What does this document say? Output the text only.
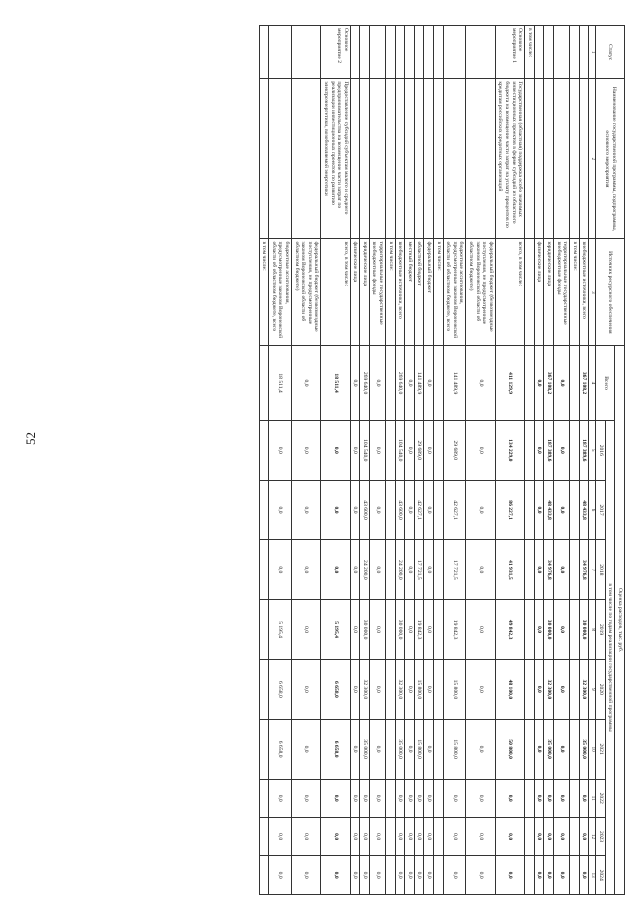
52
Статус	Наименование государственной программы, подпрограммы, основного мероприятия	Источник ресурсного обеспечения	Оценка расходов, тыс. руб.									
			Всего	в том числе по годам реализации государственной программы								
				2016	2017	2018	2019	2020	2021	2022	2023	2024
1	2	3	4	5	6	7	8	9	10	11	12	13
		внебюджетные источники, всего	367 108,2	187 389,6	48 433,8	34 976,8	30 000,0	32 300,0	35 000,0	0,0	0,0	0,0
		в том числе:										
		территориальные государственные внебюджетные фонды	0,0	0,0	0,0	0,0	0,0	0,0	0,0	0,0	0,0	0,0
		юридические лица	367 108,2	187 389,6	48 433,8	34 976,8	30 000,0	32 300,0	35 000,0	0,0	0,0	0,0
		физические лица	0,0	0,0	0,0	0,0	0,0	0,0	0,0	0,0	0,0	0,0
в том числе:												
Основное мероприятие 1	Государственная (областная) поддержка особо значимых инвестиционных проектов в форме субсидий из областного бюджета на возмещение части затрат на уплату процентов по кредитам российских кредитных организаций	всего, в том числе:	411 129,9	134 229,0	86 227,1	41 931,5	49 842,3	48 100,0	50 800,0	0,0	0,0	0,0
		федеральный бюджет (безвозмездные поступления, не предусмотренные законом Воронежской области об областном бюджете)	0,0	0,0	0,0	0,0	0,0	0,0	0,0	0,0	0,0	0,0
		бюджетные ассигнования, предусмотренные законом Воронежской области об областном бюджете, всего	141 489,9	29 689,0	42 627,1	17 721,5	19 842,3	15 800,0	15 800,0	0,0	0,0	0,0
		в том числе:										
		федеральный бюджет	0,0	0,0	0,0	0,0	0,0	0,0	0,0	0,0	0,0	0,0
		областной бюджет	141 489,9	29 689,0	42 627,1	17 721,5	19 842,3	15 800,0	15 800,0	0,0	0,0	0,0
		местный бюджет	0,0	0,0	0,0	0,0	0,0	0,0	0,0	0,0	0,0	0,0
		внебюджетные источники, всего	269 640,0	104 540,0	43 600,0	24 200,0	30 000,0	32 300,0	35 000,0	0,0	0,0	0,0
		в том числе:										
		территориальные государственные внебюджетные фонды	0,0	0,0	0,0	0,0	0,0	0,0	0,0	0,0	0,0	0,0
		юридические лица	269 640,0	104 540,0	43 600,0	24 200,0	30 000,0	32 300,0	35 000,0	0,0	0,0	0,0
		физические лица	0,0	0,0	0,0	0,0	0,0	0,0	0,0	0,0	0,0	0,0
Основное мероприятие 2	Предоставление субсидий субъектам малого и среднего предпринимательства на возмещение части затрат по реализации инвестиционных проектов по развитию электроэнергетики, возобновляемой энергетики	всего, в том числе:	18 511,4	0,0	0,0	0,0	5 195,4	6 658,0	6 658,0	0,0	0,0	0,0
		федеральный бюджет (безвозмездные поступления, не предусмотренные законом Воронежской области об областном бюджете)	0,0	0,0	0,0	0,0	0,0	0,0	0,0	0,0	0,0	0,0
		бюджетные ассигнования, предусмотренные законом Воронежской области об областном бюджете, всего	18 511,4	0,0	0,0	0,0	5 195,4	6 658,0	6 658,0	0,0	0,0	0,0
		в том числе:										
